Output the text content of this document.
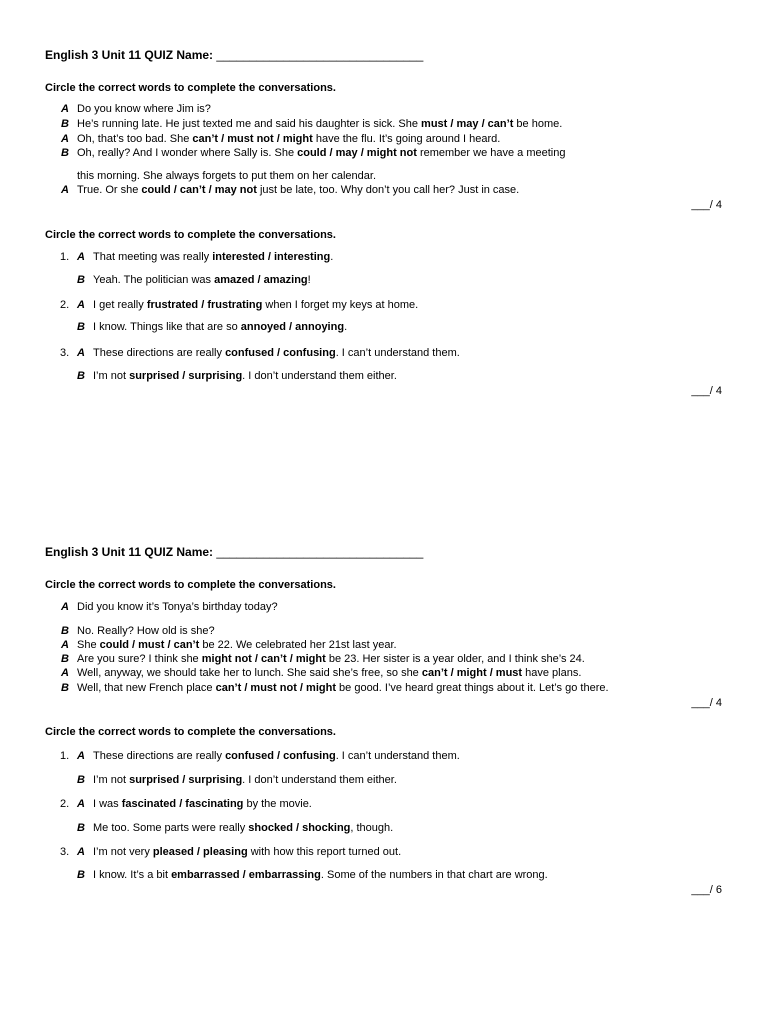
English 3 Unit 11 QUIZ Name: _______________________________
Circle the correct words to complete the conversations.
A Do you know where Jim is?
B He’s running late. He just texted me and said his daughter is sick. She must / may / can’t be home.
A Oh, that’s too bad. She can’t / must not / might have the flu. It’s going around I heard.
B Oh, really? And I wonder where Sally is. She could / may / might not remember we have a meeting
this morning. She always forgets to put them on her calendar.
A True. Or she could / can’t / may not just be late, too. Why don’t you call her? Just in case.
___/ 4
Circle the correct words to complete the conversations.
1. A That meeting was really interested / interesting.
B Yeah. The politician was amazed / amazing!
2. A I get really frustrated / frustrating when I forget my keys at home.
B I know. Things like that are so annoyed / annoying.
3. A These directions are really confused / confusing. I can’t understand them.
B I’m not surprised / surprising. I don’t understand them either.
___/ 4
English 3 Unit 11 QUIZ Name: _______________________________
Circle the correct words to complete the conversations.
A Did you know it’s Tonya’s birthday today?
B No. Really? How old is she?
A She could / must / can’t be 22. We celebrated her 21st last year.
B Are you sure? I think she might not / can’t / might be 23. Her sister is a year older, and I think she’s 24.
A Well, anyway, we should take her to lunch. She said she’s free, so she can’t / might / must have plans.
B Well, that new French place can’t / must not / might be good. I’ve heard great things about it. Let’s go there.
___/ 4
Circle the correct words to complete the conversations.
1. A These directions are really confused / confusing. I can’t understand them.
B I’m not surprised / surprising. I don’t understand them either.
2. A I was fascinated / fascinating by the movie.
B Me too. Some parts were really shocked / shocking, though.
3. A I’m not very pleased / pleasing with how this report turned out.
B I know. It’s a bit embarrassed / embarrassing. Some of the numbers in that chart are wrong.
___/ 6
